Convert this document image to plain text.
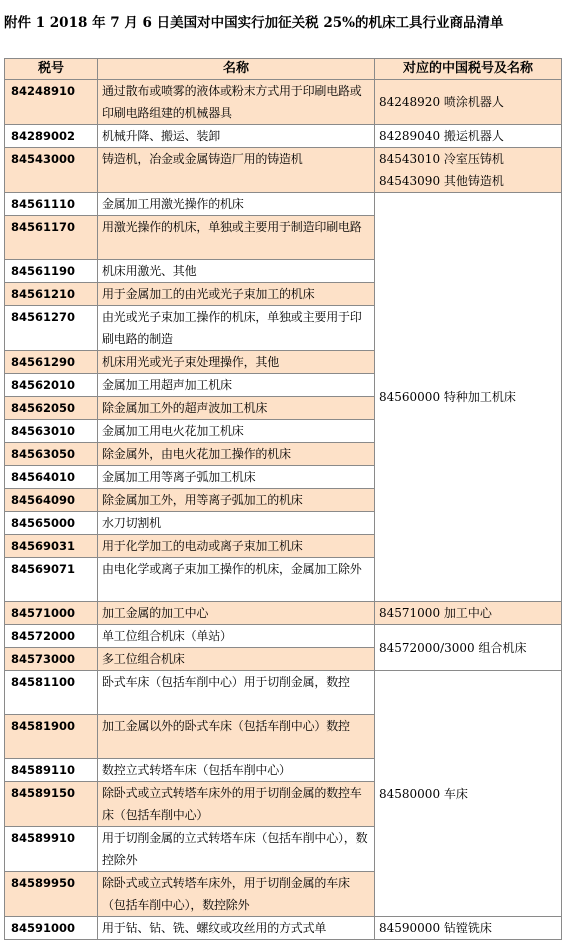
附件 1 2018 年 7 月 6 日美国对中国实行加征关税 25%的机床工具行业商品清单
税号	名称	对应的中国税号及名称
84248910	通过散布或喷雾的液体或粉末方式用于印刷电路或印刷电路组建的机械器具	84248920 喷涂机器人

84289002	机械升降、搬运、装卸	84289040 搬运机器人

84543000	铸造机，冶金或金属铸造厂用的铸造机	84543010 冷室压铸机
84543090 其他铸造机

84561110	金属加工用激光操作的机床	84560000 特种加工机床

84561170	用激光操作的机床，单独或主要用于制造印刷电路	
84561190	机床用激光、其他	
84561210	用于金属加工的由光或光子束加工的机床	
84561270	由光或光子束加工操作的机床，单独或主要用于印刷电路的制造	
84561290	机床用光或光子束处理操作，其他	
84562010	金属加工用超声加工机床	
84562050	除金属加工外的超声波加工机床	
84563010	金属加工用电火花加工机床	
84563050	除金属外，由电火花加工操作的机床	
84564010	金属加工用等离子弧加工机床	
84564090	除金属加工外，用等离子弧加工的机床	
84565000	水刀切割机	
84569031	用于化学加工的电动或离子束加工机床	
84569071	由电化学或离子束加工操作的机床，金属加工除外	
84571000	加工金属的加工中心	84571000 加工中心

84572000	单工位组合机床（单站）	84572000/3000 组合机床

84573000	多工位组合机床	
84581100	卧式车床（包括车削中心）用于切削金属，数控	84580000 车床

84581900	加工金属以外的卧式车床（包括车削中心）数控	
84589110	数控立式转塔车床（包括车削中心）	
84589150	除卧式或立式转塔车床外的用于切削金属的数控车床（包括车削中心）	
84589910	用于切削金属的立式转塔车床（包括车削中心），数控除外	
84589950	除卧式或立式转塔车床外，用于切削金属的车床（包括车削中心），数控除外	
84591000	用于钻、钻、铣、螺纹或攻丝用的方式式单	84590000 钻镗铣床
